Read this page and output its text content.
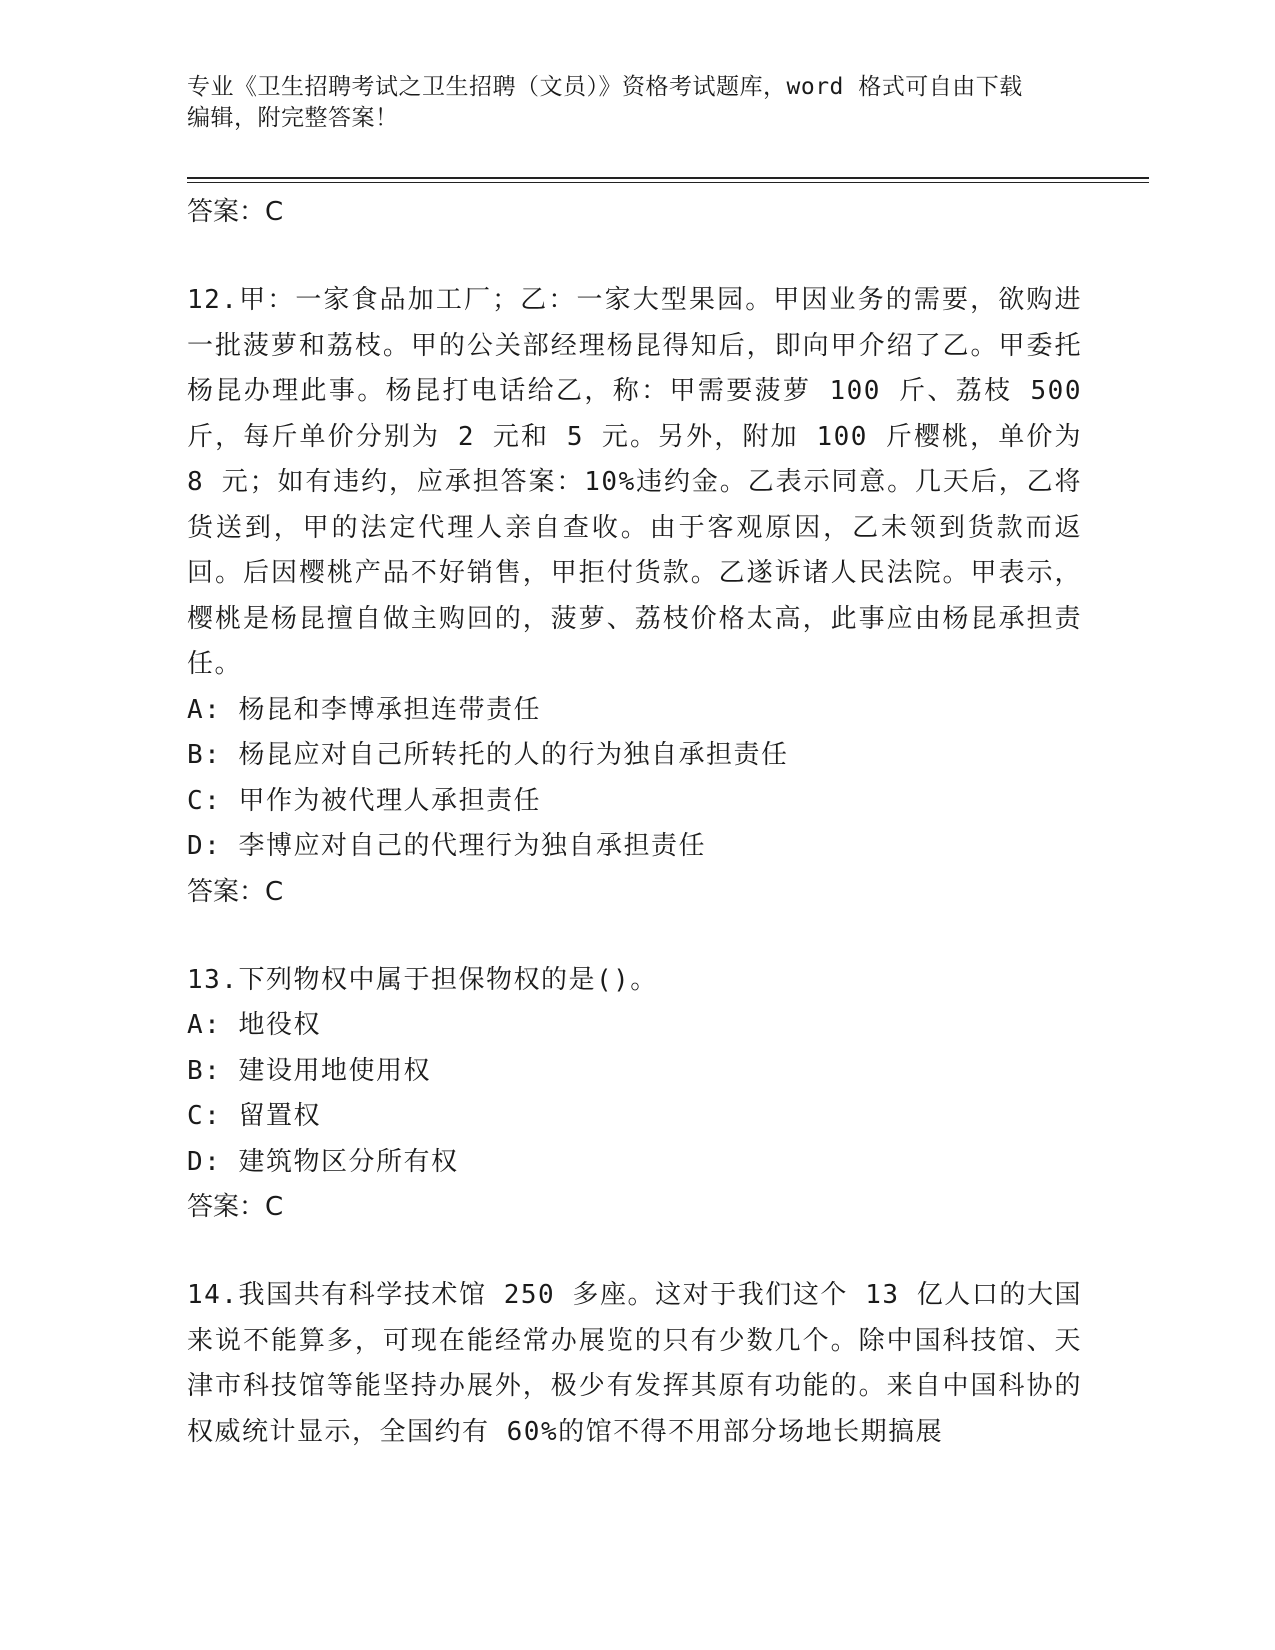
专业《卫生招聘考试之卫生招聘（文员）》资格考试题库，word 格式可自由下载
编辑，附完整答案！

答案：C

12.甲：一家食品加工厂；乙：一家大型果园。甲因业务的需要，欲购进一批菠萝和荔枝。甲的公关部经理杨昆得知后，即向甲介绍了乙。甲委托杨昆办理此事。杨昆打电话给乙，称：甲需要菠萝 100 斤、荔枝 500 斤，每斤单价分别为 2 元和 5 元。另外，附加 100 斤樱桃，单价为 8 元；如有违约，应承担答案：10%违约金。乙表示同意。几天后，乙将货送到，甲的法定代理人亲自查收。由于客观原因，乙未领到货款而返回。后因樱桃产品不好销售，甲拒付货款。乙遂诉诸人民法院。甲表示，樱桃是杨昆擅自做主购回的，菠萝、荔枝价格太高，此事应由杨昆承担责任。

A: 杨昆和李博承担连带责任

B: 杨昆应对自己所转托的人的行为独自承担责任

C: 甲作为被代理人承担责任

D: 李博应对自己的代理行为独自承担责任

答案：C

13.下列物权中属于担保物权的是()。

A: 地役权

B: 建设用地使用权

C: 留置权

D: 建筑物区分所有权

答案：C

14.我国共有科学技术馆 250 多座。这对于我们这个 13 亿人口的大国来说不能算多，可现在能经常办展览的只有少数几个。除中国科技馆、天津市科技馆等能坚持办展外，极少有发挥其原有功能的。来自中国科协的权威统计显示，全国约有 60%的馆不得不用部分场地长期搞展
